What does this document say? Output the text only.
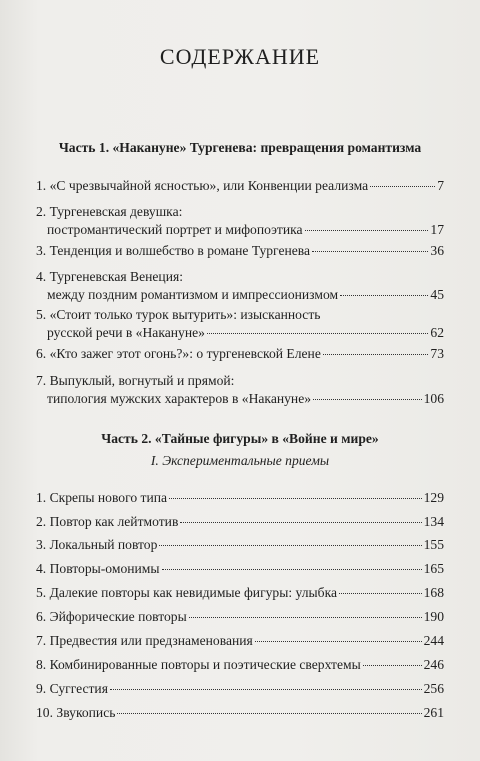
СОДЕРЖАНИЕ
Часть 1. «Накануне» Тургенева: превращения романтизма
1. «С чрезвычайной ясностью», или Конвенции реализма	7
2. Тургеневская девушка:
постромантический портрет и мифопоэтика	17
3. Тенденция и волшебство в романе Тургенева	36
4. Тургеневская Венеция:
между поздним романтизмом и импрессионизмом	45
5. «Стоит только турок вытурить»: изысканность
русской речи в «Накануне»	62
6. «Кто зажег этот огонь?»: о тургеневской Елене	73
7. Выпуклый, вогнутый и прямой:
типология мужских характеров в «Накануне»	106
Часть 2. «Тайные фигуры» в «Войне и мире»
I. Экспериментальные приемы
1. Скрепы нового типа	129
2. Повтор как лейтмотив	134
3. Локальный повтор	155
4. Повторы-омонимы	165
5. Далекие повторы как невидимые фигуры: улыбка	168
6. Эйфорические повторы	190
7. Предвестия или предзнаменования	244
8. Комбинированные повторы и поэтические сверхтемы	246
9. Суггестия	256
10. Звукопись	261
